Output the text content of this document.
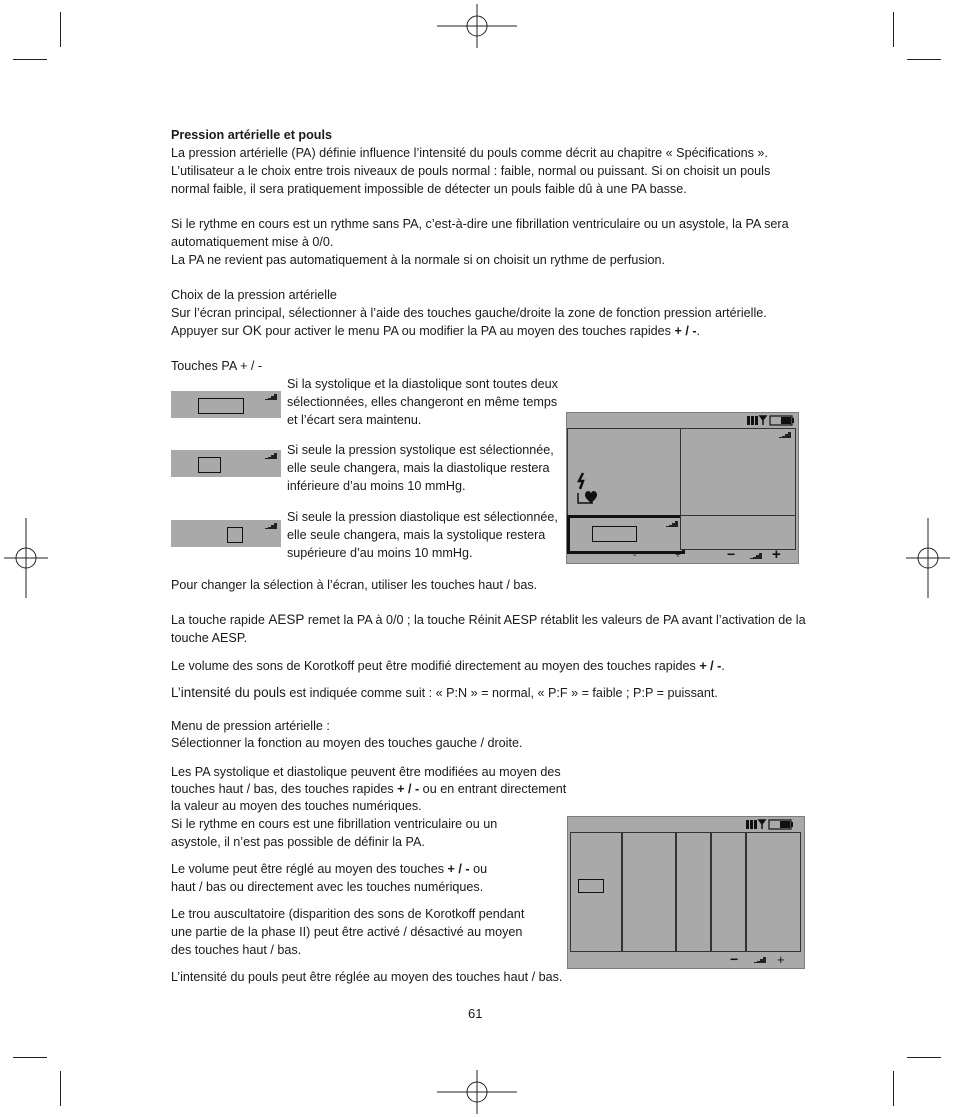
Pression artérielle et pouls

La pression artérielle (PA) définie influence l’intensité du pouls comme décrit au chapitre « Spécifications ».

L’utilisateur a le choix entre trois niveaux de pouls normal : faible, normal ou puissant. Si on choisit un pouls

normal faible, il sera pratiquement impossible de détecter un pouls faible dû à une PA basse.

Si le rythme en cours est un rythme sans PA, c’est-à-dire une fibrillation ventriculaire ou un asystole, la PA sera

automatiquement mise à 0/0.

La PA ne revient pas automatiquement à la normale si on choisit un rythme de perfusion.

Choix de la pression artérielle

Sur l’écran principal, sélectionner à l’aide des touches gauche/droite la zone de fonction pression artérielle.

Appuyer sur OK pour activer le menu PA ou modifier la PA au moyen des touches rapides + / -.

Touches PA + / -

Si la systolique et la diastolique sont toutes deux

sélectionnées, elles changeront en même temps

et l’écart sera maintenu.

Si seule la pression systolique est sélectionnée,

elle seule changera, mais la diastolique restera

inférieure d’au moins 10 mmHg.

Si seule la pression diastolique est sélectionnée,

elle seule changera, mais la systolique restera

supérieure d’au moins 10 mmHg.	-	+	− +

Pour changer la sélection à l’écran, utiliser les touches haut / bas.

La touche rapide AESP remet la PA à 0/0 ; la touche Réinit AESP rétablit les valeurs de PA avant l’activation de la

touche AESP.

Le volume des sons de Korotkoff peut être modifié directement au moyen des touches rapides + / -.

L’intensité du pouls est indiquée comme suit : « P:N » = normal, « P:F » = faible ; P:P = puissant.

Menu de pression artérielle :

Sélectionner la fonction au moyen des touches gauche / droite.

Les PA systolique et diastolique peuvent être modifiées au moyen des

touches haut / bas, des touches rapides + / - ou en entrant directement

la valeur au moyen des touches numériques.

Si le rythme en cours est une fibrillation ventriculaire ou un

asystole, il n’est pas possible de définir la PA.

Le volume peut être réglé au moyen des touches + / - ou

haut / bas ou directement avec les touches numériques.

Le trou auscultatoire (disparition des sons de Korotkoff pendant

une partie de la phase II) peut être activé / désactivé au moyen

des touches haut / bas.

L’intensité du pouls peut être réglée au moyen des touches haut / bas.

−	+

61
